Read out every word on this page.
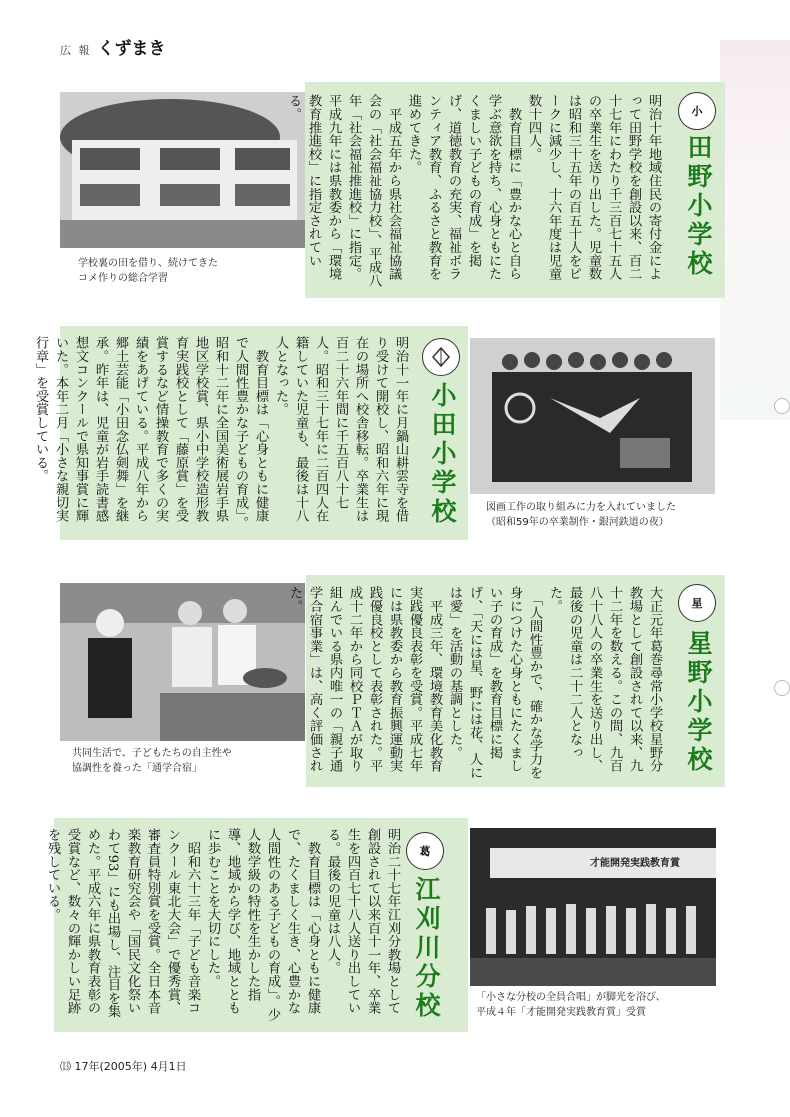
広 報 くずまき
学校裏の田を借り、続けてきた
コメ作りの総合学習	明治十年地域住民の寄付金によって田野学校を創設以来、百二十七年にわたり千三百七十五人の卒業生を送り出した。児童数は昭和三十五年の百五十人をピークに減少し、十六年度は児童数十四人。
　教育目標に「豊かな心と自ら学ぶ意欲を持ち、心身ともにたくましい子どもの育成」を掲げ、道徳教育の充実、福祉ボランティア教育、ふるさと教育を進めてきた。
　平成五年から県社会福祉協議会の「社会福祉協力校」、平成八年「社会福祉推進校」に指定。平成九年には県教委から「環境教育推進校」に指定されている。	小
田野小学校
明治十一年に月鍋山耕雲寺を借り受けて開校し、昭和六年に現在の場所へ校舎移転。卒業生は百二十六年間に千五百八十七人。昭和三十七年に二百四人在籍していた児童も、最後は十八人となった。
　教育目標は「心身ともに健康で人間性豊かな子どもの育成」。昭和十二年に全国美術展岩手県地区学校賞、県小中学校造形教育実践校として「藤原賞」を受賞するなど情操教育で多くの実績をあげている。平成八年から郷土芸能「小田念仏剣舞」を継承。昨年は、児童が岩手読書感想文コンクールで県知事賞に輝いた。本年二月「小さな親切実行章」を受賞している。	小田小学校	図画工作の取り組みに力を入れていました
（昭和59年の卒業制作・銀河鉄道の夜）
共同生活で、子どもたちの自主性や
協調性を養った「通学合宿」	大正元年葛巻尋常小学校星野分教場として創設されて以来、九十二年を数える。この間、九百八十八人の卒業生を送り出し、最後の児童は二十二人となった。
　「人間性豊かで、確かな学力を身につけた心身ともにたくましい子の育成」を教育目標に掲げ、「天には星、野には花、人には愛」を活動の基調とした。
　平成三年、環境教育美化教育実践優良表彰を受賞。平成七年には県教委から教育振興運動実践優良校として表彰された。平成十二年から同校ＰＴＡが取り組んでいる県内唯一の「親子通学合宿事業」は、高く評価された。	星
星野小学校
明治二十七年江刈分教場として創設されて以来百十一年、卒業生を四百七十八人送り出している。最後の児童は八人。
　教育目標は「心身ともに健康で、たくましく生き、心豊かな人間性のある子どもの育成」。少人数学級の特性を生かした指導、地域から学び、地域とともに歩むことを大切にした。
　昭和六十三年「子ども音楽コンクール東北大会」で優秀賞、審査員特別賞を受賞。全日本音楽教育研究会や「国民文化祭いわて93」にも出場し、注目を集めた。平成六年に県教育表彰の受賞など、数々の輝かしい足跡を残している。	葛
江刈川分校
才能開発実践教育賞
「小さな分校の全員合唱」が脚光を浴び、
平成４年「才能開発実践教育賞」受賞
⒀ 17年(2005年) 4月1日
